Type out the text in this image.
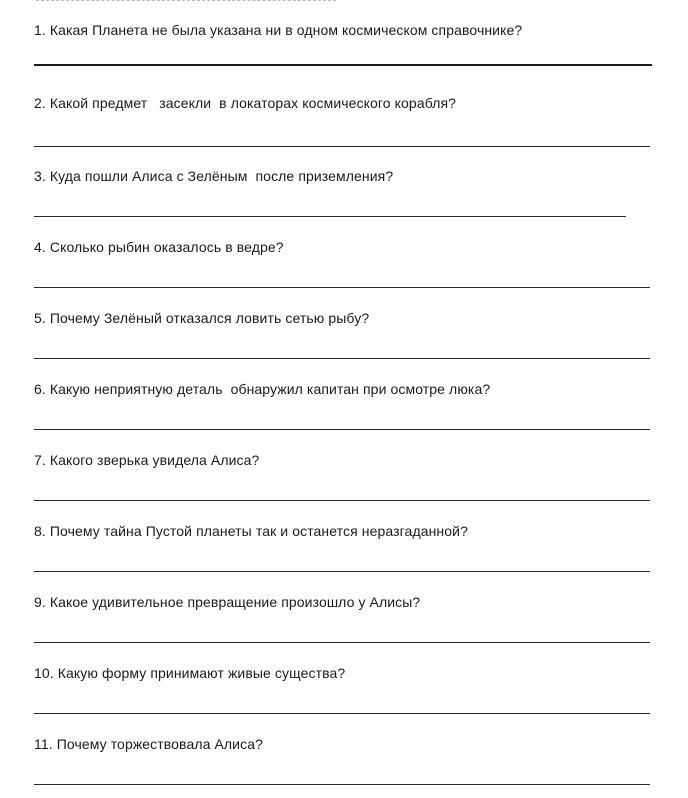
1. Какая Планета не была указана ни в одном космическом справочнике?
2. Какой предмет   засекли  в локаторах космического корабля?
3. Куда пошли Алиса с Зелёным  после приземления?
4. Сколько рыбин оказалось в ведре?
5. Почему Зелёный отказался ловить сетью рыбу?
6. Какую неприятную деталь  обнаружил капитан при осмотре люка?
7. Какого зверька увидела Алиса?
8. Почему тайна Пустой планеты так и останется неразгаданной?
9. Какое удивительное превращение произошло у Алисы?
10. Какую форму принимают живые существа?
11. Почему торжествовала Алиса?
